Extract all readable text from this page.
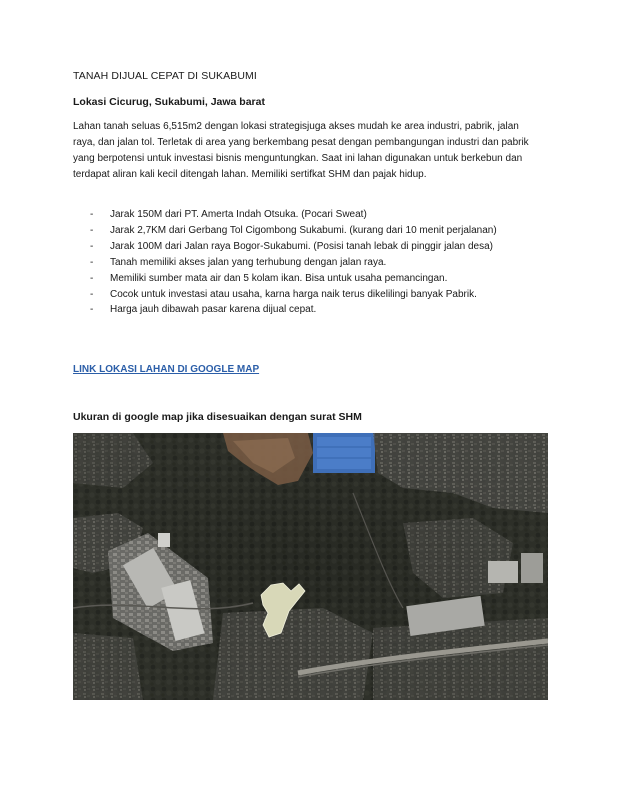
TANAH DIJUAL CEPAT DI SUKABUMI
Lokasi Cicurug, Sukabumi, Jawa barat

Lahan tanah seluas 6,515m2 dengan lokasi strategisjuga akses mudah ke area industri, pabrik, jalan
raya, dan jalan tol. Terletak di area yang berkembang pesat dengan pembangungan industri dan pabrik
yang berpotensi untuk investasi bisnis menguntungkan. Saat ini lahan digunakan untuk berkebun dan
terdapat aliran kali kecil ditengah lahan. Memiliki sertifkat SHM dan pajak hidup.

-	Jarak 150M dari PT. Amerta Indah Otsuka. (Pocari Sweat)
-	Jarak 2,7KM dari Gerbang Tol Cigombong Sukabumi. (kurang dari 10 menit perjalanan)
-	Jarak 100M dari Jalan raya Bogor-Sukabumi. (Posisi tanah lebak di pinggir jalan desa)
-	Tanah memiliki akses jalan yang terhubung dengan jalan raya.
-	Memiliki sumber mata air dan 5 kolam ikan. Bisa untuk usaha pemancingan.
-	Cocok untuk investasi atau usaha, karna harga naik terus dikelilingi banyak Pabrik.
-	Harga jauh dibawah pasar karena dijual cepat.
LINK LOKASI LAHAN DI GOOGLE MAP
Ukuran di google map jika disesuaikan dengan surat SHM
